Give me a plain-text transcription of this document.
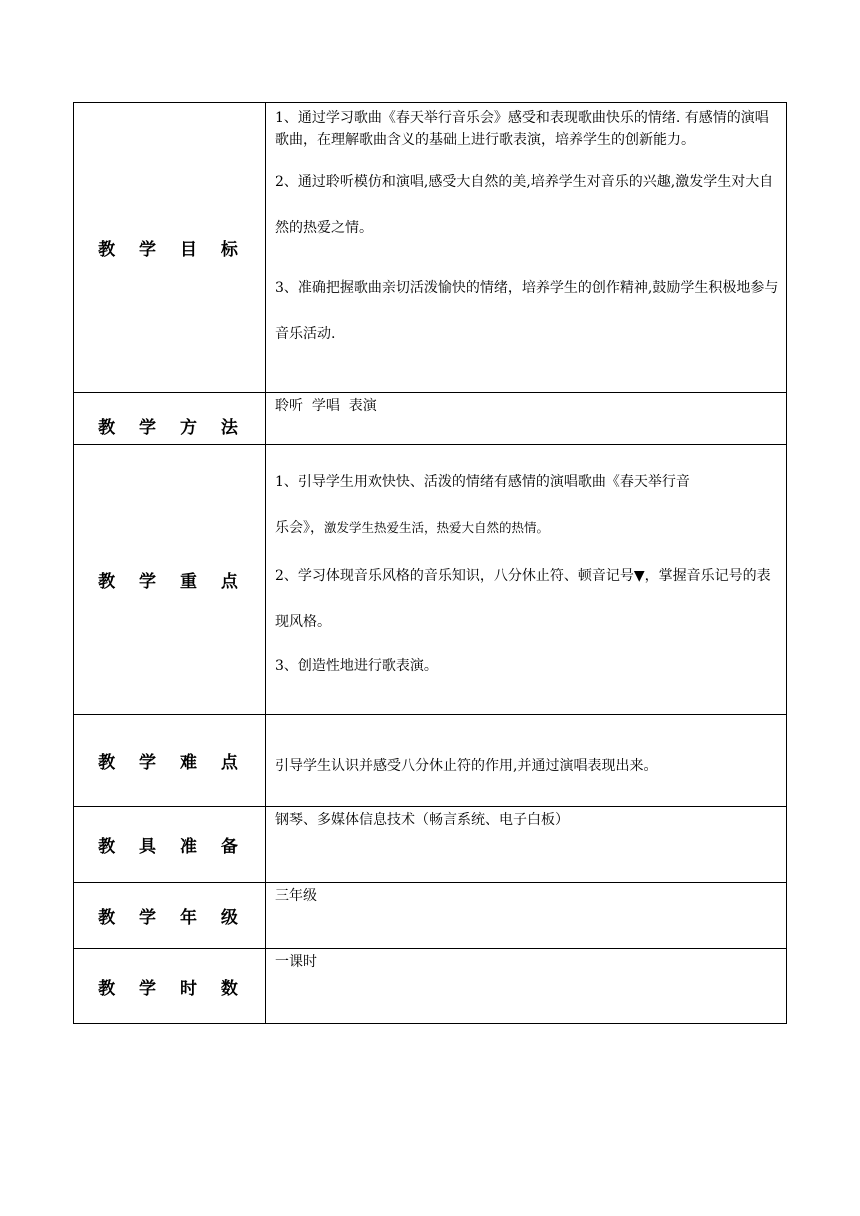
教 学 目 标	1、通过学习歌曲《春天举行音乐会》感受和表现歌曲快乐的情绪. 有感情的演唱歌曲，在理解歌曲含义的基础上进行歌表演，培养学生的创新能力。

2、通过聆听模仿和演唱,感受大自然的美,培养学生对音乐的兴趣,激发学生对大自然的热爱之情。

3、准确把握歌曲亲切活泼愉快的情绪，培养学生的创作精神,鼓励学生积极地参与音乐活动.

教 学 方 法	聆听  学唱  表演

教 学 重 点	1、引导学生用欢快快、活泼的情绪有感情的演唱歌曲《春天举行音

乐会》，激发学生热爱生活，热爱大自然的热情。

2、学习体现音乐风格的音乐知识，八分休止符、顿音记号▼，掌握音乐记号的表现风格。

3、创造性地进行歌表演。

教 学 难 点	引导学生认识并感受八分休止符的作用,并通过演唱表现出来。

教 具 准 备	钢琴、多媒体信息技术（畅言系统、电子白板）

教 学 年 级	三年级

教 学 时 数	一课时
